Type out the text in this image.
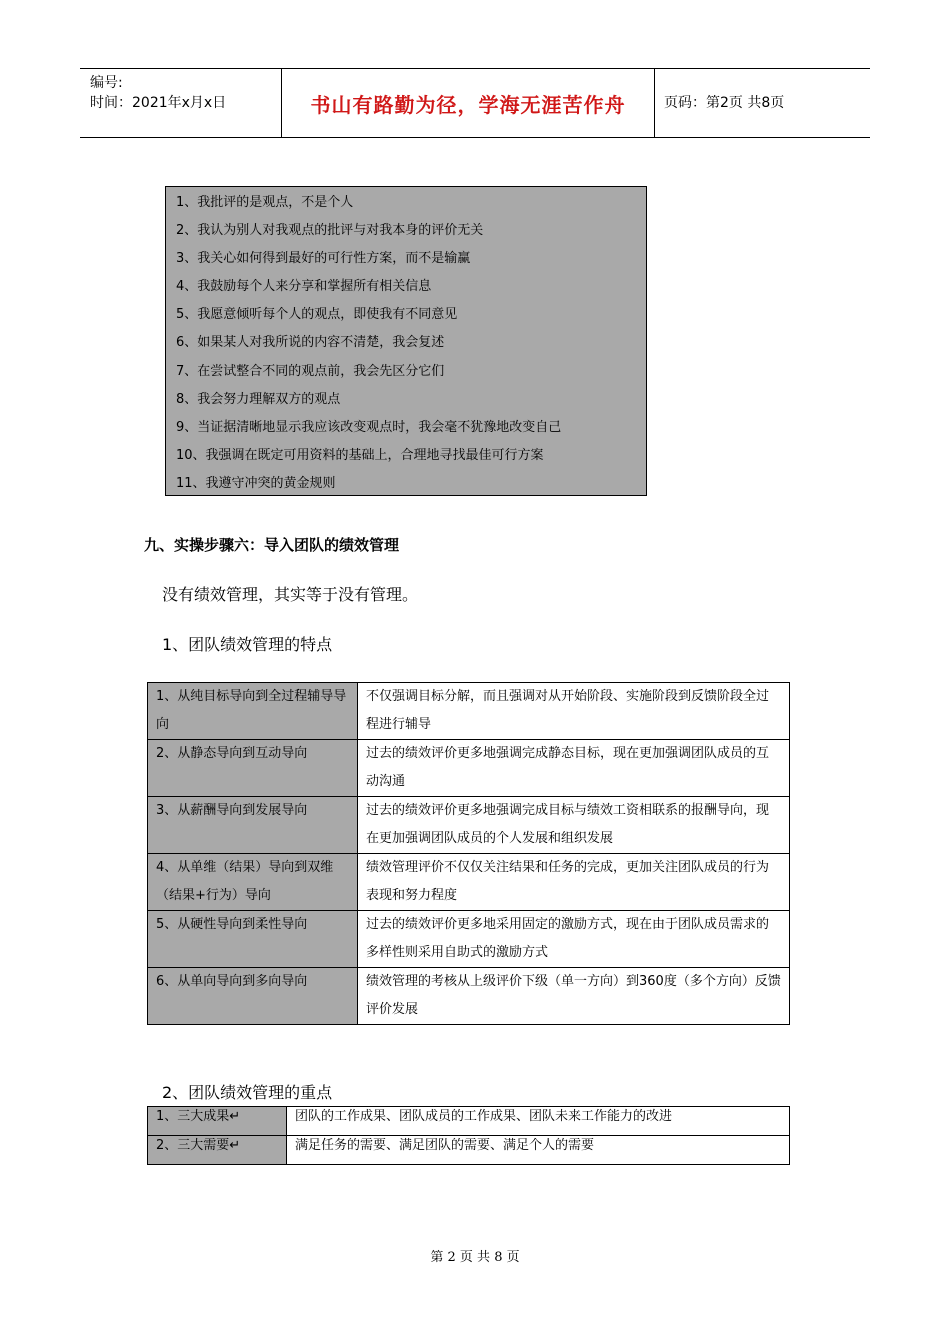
编号:
时间：2021年x月x日	书山有路勤为径，学海无涯苦作舟	页码：第2页 共8页
1、我批评的是观点，不是个人
2、我认为别人对我观点的批评与对我本身的评价无关
3、我关心如何得到最好的可行性方案，而不是输赢
4、我鼓励每个人来分享和掌握所有相关信息
5、我愿意倾听每个人的观点，即使我有不同意见
6、如果某人对我所说的内容不清楚，我会复述
7、在尝试整合不同的观点前，我会先区分它们
8、我会努力理解双方的观点
9、当证据清晰地显示我应该改变观点时，我会毫不犹豫地改变自己
10、我强调在既定可用资料的基础上，合理地寻找最佳可行方案
11、我遵守冲突的黄金规则
九、实操步骤六：导入团队的绩效管理
没有绩效管理，其实等于没有管理。
1、团队绩效管理的特点
1、从纯目标导向到全过程辅导导向	不仅强调目标分解，而且强调对从开始阶段、实施阶段到反馈阶段全过程进行辅导
2、从静态导向到互动导向	过去的绩效评价更多地强调完成静态目标，现在更加强调团队成员的互动沟通
3、从薪酬导向到发展导向	过去的绩效评价更多地强调完成目标与绩效工资相联系的报酬导向，现在更加强调团队成员的个人发展和组织发展
4、从单维（结果）导向到双维（结果+行为）导向	绩效管理评价不仅仅关注结果和任务的完成，更加关注团队成员的行为表现和努力程度
5、从硬性导向到柔性导向	过去的绩效评价更多地采用固定的激励方式，现在由于团队成员需求的多样性则采用自助式的激励方式
6、从单向导向到多向导向	绩效管理的考核从上级评价下级（单一方向）到360度（多个方向）反馈评价发展
2、团队绩效管理的重点
1、三大成果↵	团队的工作成果、团队成员的工作成果、团队未来工作能力的改进
2、三大需要↵	满足任务的需要、满足团队的需要、满足个人的需要
第 2 页 共 8 页
